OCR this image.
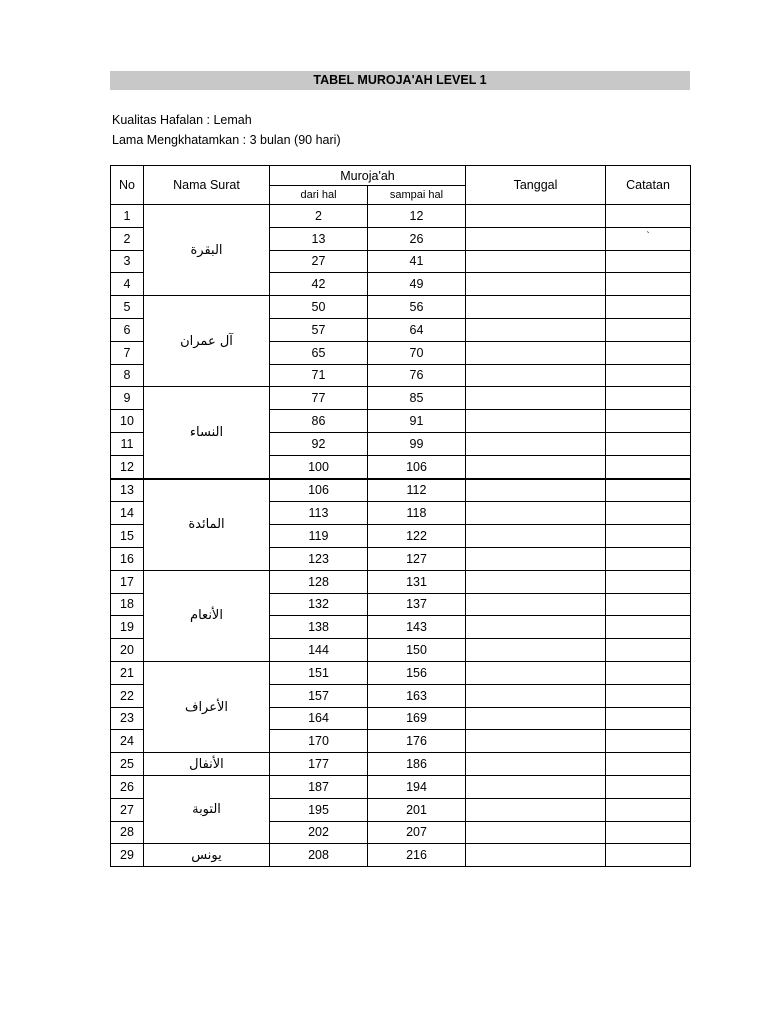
TABEL MUROJA'AH LEVEL 1
Kualitas Hafalan : Lemah
Lama Mengkhatamkan : 3 bulan (90 hari)
No	Nama Surat	Muroja'ah		Tanggal	Catatan
		dari hal	sampai hal		
1	البقرة	2	12		
2		13	26		`
3		27	41		
4		42	49		
5	آل عمران	50	56		
6		57	64		
7		65	70		
8		71	76		
9	النساء	77	85		
10		86	91		
11		92	99		
12		100	106		
13	المائدة	106	112		
14		113	118		
15		119	122		
16		123	127		
17	الأنعام	128	131		
18		132	137		
19		138	143		
20		144	150		
21	الأعراف	151	156		
22		157	163		
23		164	169		
24		170	176		
25	الأنفال	177	186		
26	التوبة	187	194		
27		195	201		
28		202	207		
29	يونس	208	216		
